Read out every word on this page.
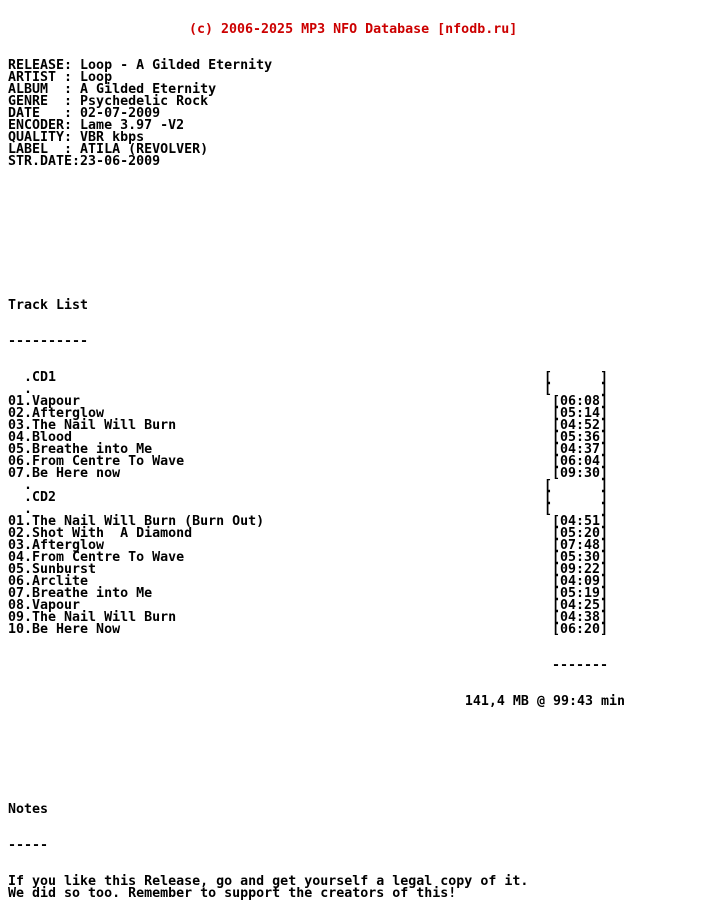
(c) 2006-2025 MP3 NFO Database [nfodb.ru]

RELEASE: Loop - A Gilded Eternity
ARTIST : Loop
ALBUM  : A Gilded Eternity
GENRE  : Psychedelic Rock
DATE   : 02-07-2009
ENCODER: Lame 3.97 -V2
QUALITY: VBR kbps
LABEL  : ATILA (REVOLVER)
STR.DATE:23-06-2009

Track List

----------

.CD1	[      ]
.	[      ]
01.Vapour	[06:08]
02.Afterglow	[05:14]
03.The Nail Will Burn	[04:52]
04.Blood	[05:36]
05.Breathe into Me	[04:37]
06.From Centre To Wave	[06:04]
07.Be Here now	[09:30]
.	[      ]
.CD2	[      ]
.	[      ]
01.The Nail Will Burn (Burn Out)	[04:51]
02.Shot With  A Diamond	[05:20]
03.Afterglow	[07:48]
04.From Centre To Wave	[05:30]
05.Sunburst	[09:22]
06.Arclite	[04:09]
07.Breathe into Me	[05:19]
08.Vapour	[04:25]
09.The Nail Will Burn	[04:38]
10.Be Here Now	[06:20]

-------

141,4 MB @ 99:43 min

Notes

-----

If you like this Release, go and get yourself a legal copy of it.
We did so too. Remember to support the creators of this!
